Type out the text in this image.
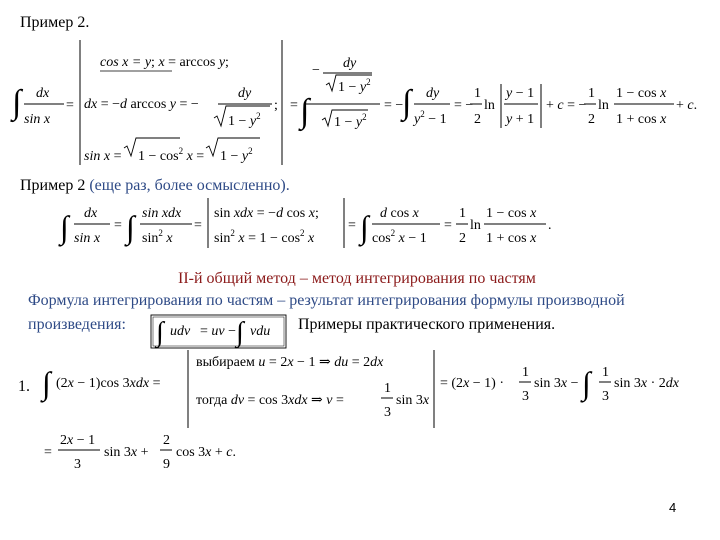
Пример 2.
∫ dx
sin x
=
cos x = y; x = arccos y;
dx = −d arccos y = −
dy
$1 - y^2$
;
$\sin x = 1 - \cos^2 x = 1 - y^2$
=
− dy
$1 - y^2$
∫ $1 - y^2$
= −
∫ dy
$y^2 - 1$
= −
1
2
ln
y − 1
y + 1
+ c = −
1
2
ln
1 − cos x
1 + cos x
+ c.
Пример 2 (еще раз, более осмысленно).
∫ dx
sin x
= ∫ sin xdx
$\sin^2 x$
=
sin xdx = −d cos x;
$\sin^2 x = 1 - \cos^2 x$
= ∫ d cos x
$\cos^2 x - 1$
=
1
2
ln
1 − cos x
1 + cos x
.
II-й общий метод – метод интегрирования по частям
Формула интегрирования по частям – результат интегрирования формулы производной
произведения: ∫ udv = uv − ∫ vdu Примеры практического применения.
1. ∫ (2x − 1)cos 3xdx =
выбираем u = 2x − 1 ⇒ du = 2dx
тогда dv = cos 3xdx ⇒ v =
1
3
sin 3x
= (2x − 1) ·
1
3
sin 3x − ∫ 1
3
sin 3x · 2dx
=
2x − 1
3
sin 3x +
2
9
cos 3x + c.
4
